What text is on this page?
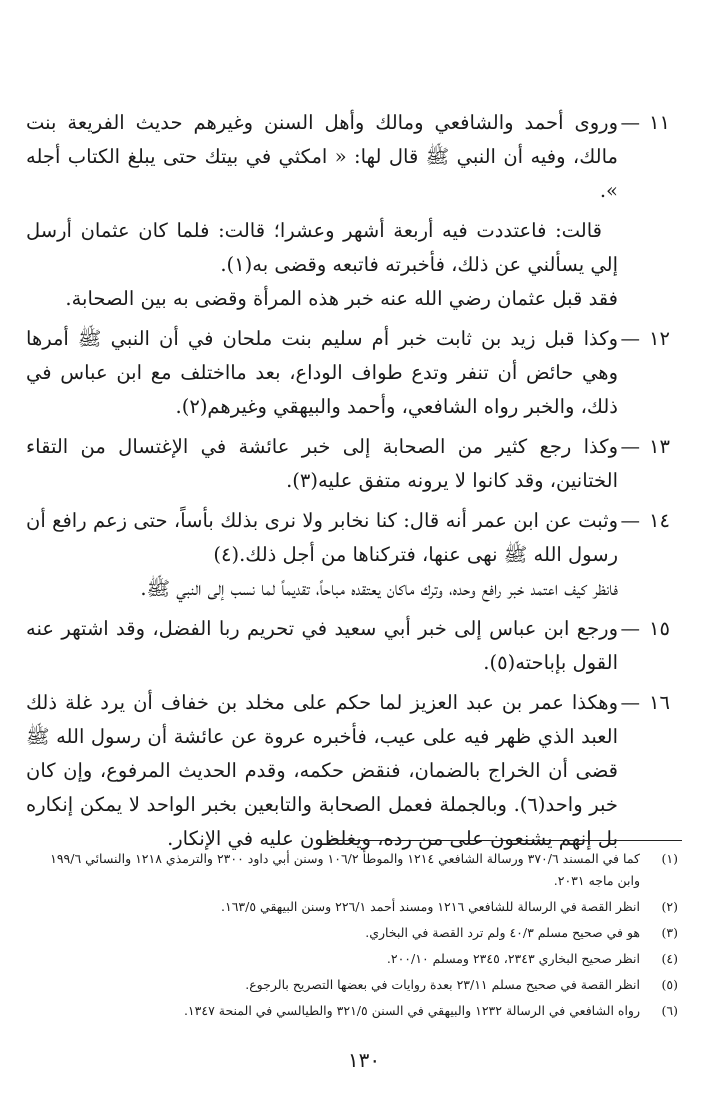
١١
—

وروى أحمد والشافعي ومالك وأهل السنن وغيرهم حديث الفريعة بنت مالك، وفيه أن النبي ﷺ قال لها: « امكثي في بيتك حتى يبلغ الكتاب أجله ».

قالت: فاعتددت فيه أربعة أشهر وعشرا؛ قالت: فلما كان عثمان أرسل إلي يسألني عن ذلك، فأخبرته فاتبعه وقضى به(١).

فقد قبل عثمان رضي الله عنه خبر هذه المرأة وقضى به بين الصحابة.

١٢
—

وكذا قبل زيد بن ثابت خبر أم سليم بنت ملحان في أن النبي ﷺ أمرها وهي حائض أن تنفر وتدع طواف الوداع، بعد مااختلف مع ابن عباس في ذلك، والخبر رواه الشافعي، وأحمد والبيهقي وغيرهم(٢).

١٣
—

وكذا رجع كثير من الصحابة إلى خبر عائشة في الإغتسال من التقاء الختانين، وقد كانوا لا يرونه متفق عليه(٣).

١٤
—

وثبت عن ابن عمر أنه قال: كنا نخابر ولا نرى بذلك بأساً، حتى زعم رافع أن رسول الله ﷺ نهى عنها، فتركناها من أجل ذلك.(٤)

فانظر كيف اعتمد خبر رافع وحده، وترك ماكان يعتقده مباحاً، تقديماً لما نسب إلى النبي ﷺ.

١٥
—

ورجع ابن عباس إلى خبر أبي سعيد في تحريم ربا الفضل، وقد اشتهر عنه القول بإباحته(٥).

١٦
—

وهكذا عمر بن عبد العزيز لما حكم على مخلد بن خفاف أن يرد غلة ذلك العبد الذي ظهر فيه على عيب، فأخبره عروة عن عائشة أن رسول الله ﷺ قضى أن الخراج بالضمان، فنقض حكمه، وقدم الحديث المرفوع، وإن كان خبر واحد(٦). وبالجملة فعمل الصحابة والتابعين بخبر الواحد لا يمكن إنكاره بل إنهم يشنعون على من رده، ويغلظون عليه في الإنكار.

(١)
كما في المسند ٣٧٠/٦ ورسالة الشافعي ١٢١٤ والموطأ ١٠٦/٢ وسنن أبي داود ٢٣٠٠ والترمذي ١٢١٨ والنسائي ١٩٩/٦ وابن ماجه ٢٠٣١.
(٢)
انظر القصة في الرسالة للشافعي ١٢١٦ ومسند أحمد ٢٢٦/١ وسنن البيهقي ١٦٣/٥.
(٣)
هو في صحيح مسلم ٤٠/٣ ولم ترد القصة في البخاري.
(٤)
انظر صحيح البخاري ٢٣٤٣، ٢٣٤٥ ومسلم ٢٠٠/١٠.
(٥)
انظر القصة في صحيح مسلم ٢٣/١١ بعدة روايات في بعضها التصريح بالرجوع.
(٦)
رواه الشافعي في الرسالة ١٢٣٢ والبيهقي في السنن ٣٢١/٥ والطيالسي في المنحة ١٣٤٧.
١٣٠
